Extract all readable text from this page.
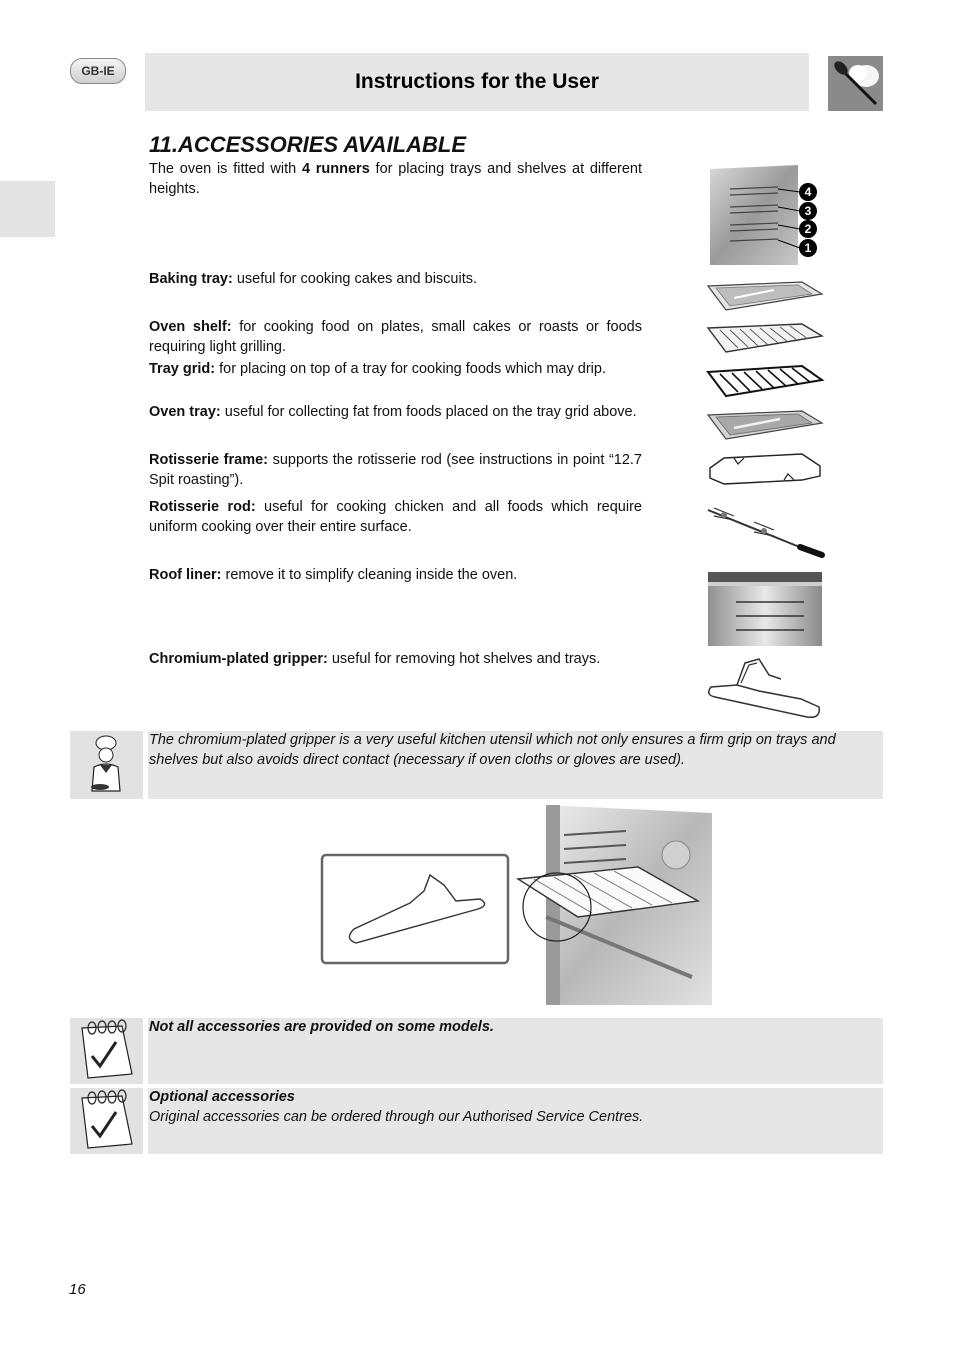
GB-IE	Instructions for the User
11.ACCESSORIES AVAILABLE
The oven is fitted with 4 runners for placing trays and shelves at different heights.	4
3
2
1
Baking tray: useful for cooking cakes and biscuits.
Oven shelf: for cooking food on plates, small cakes or roasts or foods requiring light grilling.
Tray grid: for placing on top of a tray for cooking foods which may drip.
Oven tray: useful for collecting fat from foods placed on the tray grid above.
Rotisserie frame: supports the rotisserie rod (see instructions in point “12.7 Spit roasting”).
Rotisserie rod: useful for cooking chicken and all foods which require uniform cooking over their entire surface.
Roof liner: remove it to simplify cleaning inside the oven.
Chromium-plated gripper: useful for removing hot shelves and trays.
The chromium-plated gripper is a very useful kitchen utensil which not only ensures a firm grip on trays and shelves but also avoids direct contact (necessary if oven cloths or gloves are used).
Not all accessories are provided on some models.
Optional accessories
Original accessories can be ordered through our Authorised Service Centres.
16
